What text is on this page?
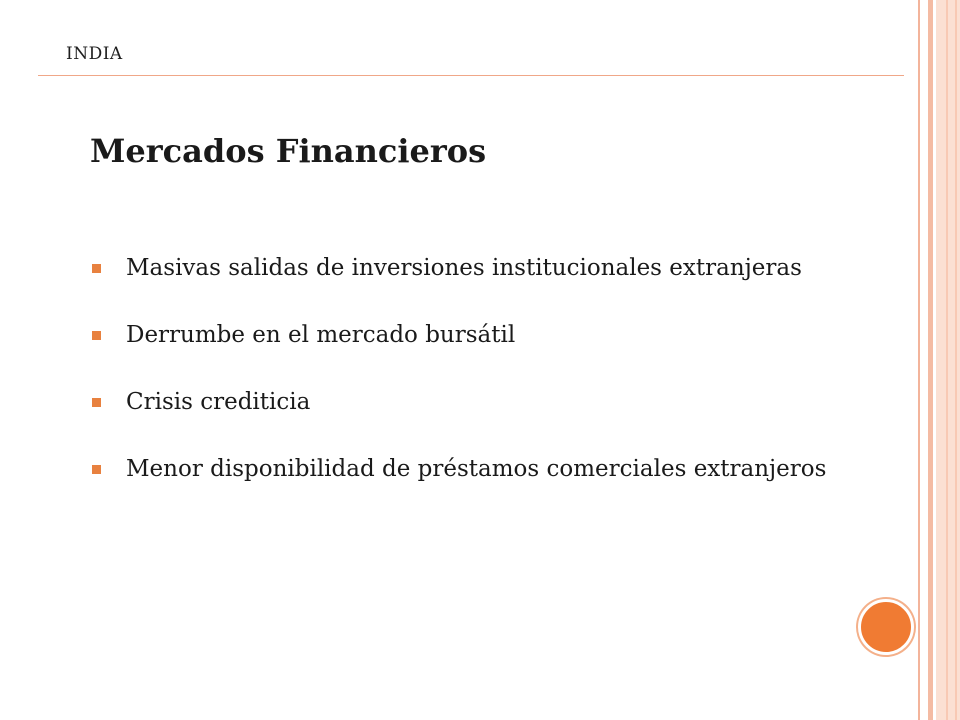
INDIA
Mercados Financieros
Masivas salidas de inversiones institucionales extranjeras
Derrumbe en el mercado bursátil
Crisis crediticia
Menor disponibilidad de préstamos comerciales extranjeros
